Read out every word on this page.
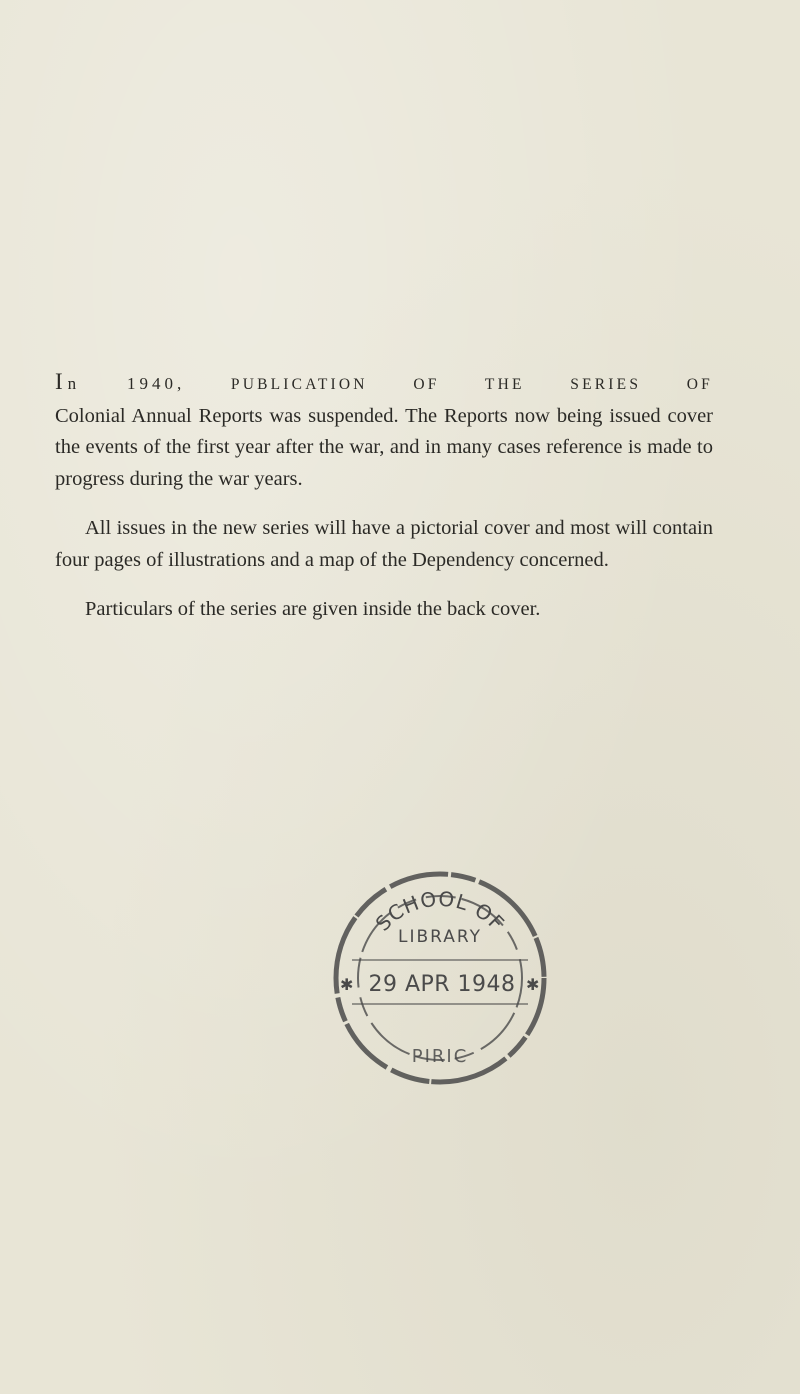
In 1940,	PUBLICATION OF THE SERIES OF
Colonial Annual Reports was suspended. The Reports now being issued cover the events of the first year after the war, and in many cases reference is made to progress during the war years.

All issues in the new series will have a pictorial cover and most will contain four pages of illustrations and a map of the Dependency concerned.

Particulars of the series are given inside the back cover.

✱	✱
SCHOOL OF
LIBRARY
29 APR 1948
PIRIC
